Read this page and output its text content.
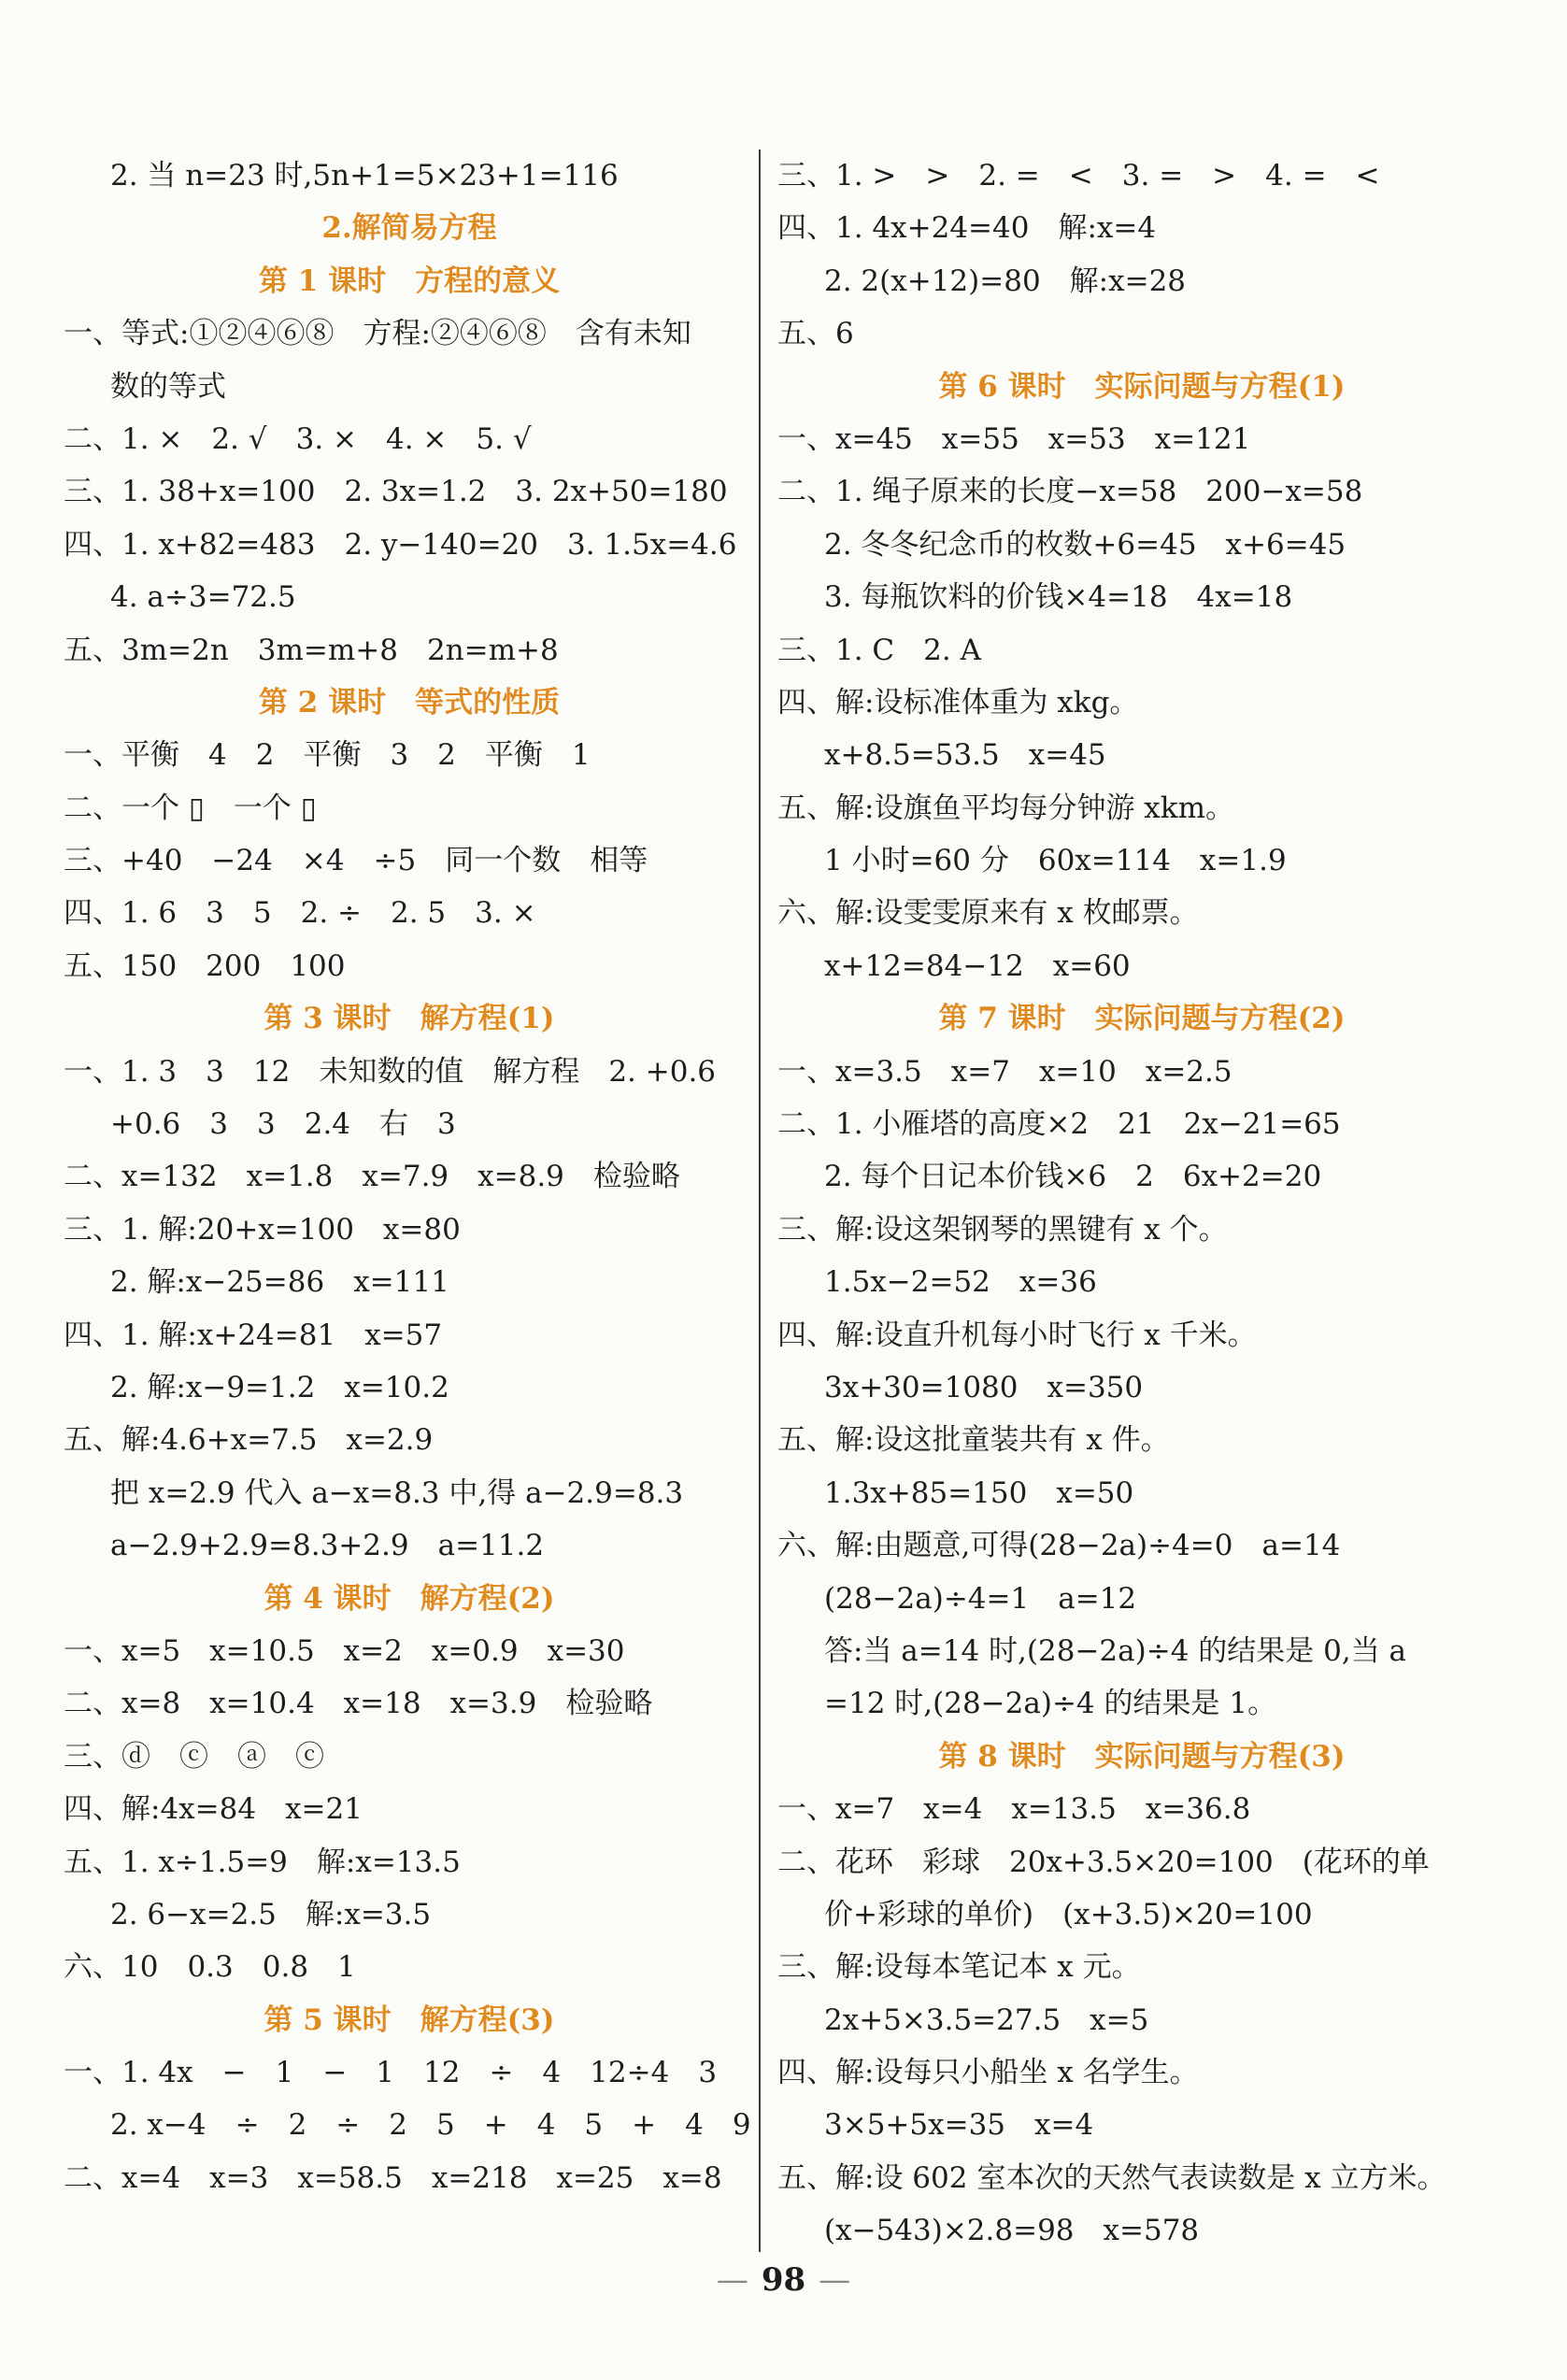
2. 当 n=23 时,5n+1=5×23+1=116
2.解简易方程
第 1 课时　方程的意义
一、等式:①②④⑥⑧　方程:②④⑥⑧　含有未知
数的等式
二、1. ×　2. √　3. ×　4. ×　5. √
三、1. 38+x=100　2. 3x=1.2　3. 2x+50=180
四、1. x+82=483　2. y−140=20　3. 1.5x=4.6
4. a÷3=72.5
五、3m=2n　3m=m+8　2n=m+8
第 2 课时　等式的性质
一、平衡　4　2　平衡　3　2　平衡　1
二、一个 ▯　一个 ▯
三、+40　−24　×4　÷5　同一个数　相等
四、1. 6　3　5　2. ÷　2. 5　3. ×
五、150　200　100
第 3 课时　解方程(1)
一、1. 3　3　12　未知数的值　解方程　2. +0.6
+0.6　3　3　2.4　右　3
二、x=132　x=1.8　x=7.9　x=8.9　检验略
三、1. 解:20+x=100　x=80
2. 解:x−25=86　x=111
四、1. 解:x+24=81　x=57
2. 解:x−9=1.2　x=10.2
五、解:4.6+x=7.5　x=2.9
把 x=2.9 代入 a−x=8.3 中,得 a−2.9=8.3
a−2.9+2.9=8.3+2.9　a=11.2
第 4 课时　解方程(2)
一、x=5　x=10.5　x=2　x=0.9　x=30
二、x=8　x=10.4　x=18　x=3.9　检验略
三、ⓓ　ⓒ　ⓐ　ⓒ
四、解:4x=84　x=21
五、1. x÷1.5=9　解:x=13.5
2. 6−x=2.5　解:x=3.5
六、10　0.3　0.8　1
第 5 课时　解方程(3)
一、1. 4x　−　1　−　1　12　÷　4　12÷4　3
2. x−4　÷　2　÷　2　5　+　4　5　+　4　9
二、x=4　x=3　x=58.5　x=218　x=25　x=8
三、1. >　>　2. =　<　3. =　>　4. =　<
四、1. 4x+24=40　解:x=4
2. 2(x+12)=80　解:x=28
五、6
第 6 课时　实际问题与方程(1)
一、x=45　x=55　x=53　x=121
二、1. 绳子原来的长度−x=58　200−x=58
2. 冬冬纪念币的枚数+6=45　x+6=45
3. 每瓶饮料的价钱×4=18　4x=18
三、1. C　2. A
四、解:设标准体重为 xkg。
x+8.5=53.5　x=45
五、解:设旗鱼平均每分钟游 xkm。
1 小时=60 分　60x=114　x=1.9
六、解:设雯雯原来有 x 枚邮票。
x+12=84−12　x=60
第 7 课时　实际问题与方程(2)
一、x=3.5　x=7　x=10　x=2.5
二、1. 小雁塔的高度×2　21　2x−21=65
2. 每个日记本价钱×6　2　6x+2=20
三、解:设这架钢琴的黑键有 x 个。
1.5x−2=52　x=36
四、解:设直升机每小时飞行 x 千米。
3x+30=1080　x=350
五、解:设这批童装共有 x 件。
1.3x+85=150　x=50
六、解:由题意,可得(28−2a)÷4=0　a=14
(28−2a)÷4=1　a=12
答:当 a=14 时,(28−2a)÷4 的结果是 0,当 a
=12 时,(28−2a)÷4 的结果是 1。
第 8 课时　实际问题与方程(3)
一、x=7　x=4　x=13.5　x=36.8
二、花环　彩球　20x+3.5×20=100　(花环的单
价+彩球的单价)　(x+3.5)×20=100
三、解:设每本笔记本 x 元。
2x+5×3.5=27.5　x=5
四、解:设每只小船坐 x 名学生。
3×5+5x=35　x=4
五、解:设 602 室本次的天然气表读数是 x 立方米。
(x−543)×2.8=98　x=578
— 98 —
